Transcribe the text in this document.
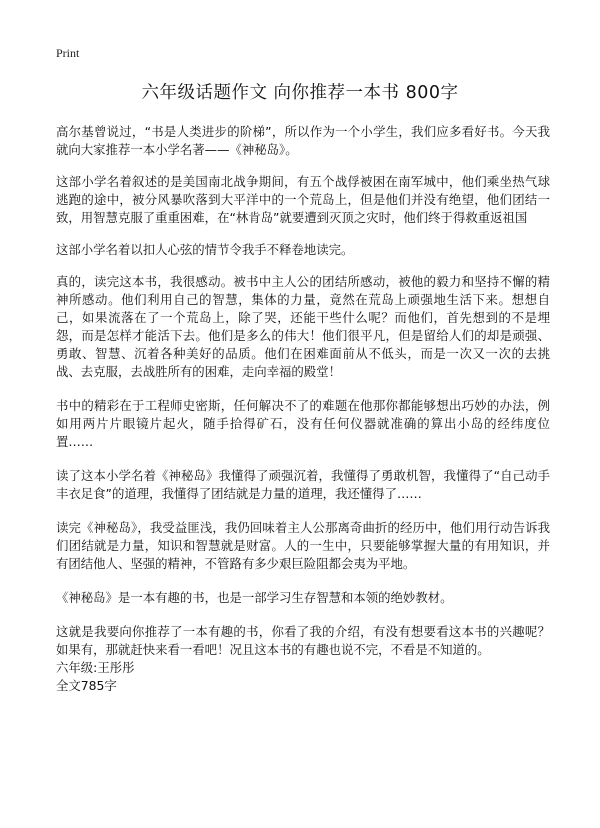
Print
六年级话题作文 向你推荐一本书 800字

高尔基曾说过，“书是人类进步的阶梯”，所以作为一个小学生，我们应多看好书。今天我就向大家推荐一本小学名著——《神秘岛》。

这部小学名着叙述的是美国南北战争期间，有五个战俘被困在南军城中，他们乘坐热气球逃跑的途中，被分风暴吹落到大平洋中的一个荒岛上，但是他们并没有绝望，他们团结一致，用智慧克服了重重困难，在“林肯岛”就要遭到灭顶之灾时，他们终于得救重返祖国

这部小学名着以扣人心弦的情节令我手不释卷地读完。

真的，读完这本书，我很感动。被书中主人公的团结所感动，被他的毅力和坚持不懈的精神所感动。他们利用自己的智慧，集体的力量，竟然在荒岛上顽强地生活下来。想想自己，如果流落在了一个荒岛上，除了哭，还能干些什么呢？而他们，首先想到的不是埋怨，而是怎样才能活下去。他们是多么的伟大！他们很平凡，但是留给人们的却是顽强、勇敢、智慧、沉着各种美好的品质。他们在困难面前从不低头，而是一次又一次的去挑战、去克服，去战胜所有的困难，走向幸福的殿堂！

书中的精彩在于工程师史密斯，任何解决不了的难题在他那你都能够想出巧妙的办法，例如用两片片眼镜片起火，随手拾得矿石，没有任何仪器就准确的算出小岛的经纬度位置……

读了这本小学名着《神秘岛》我懂得了顽强沉着，我懂得了勇敢机智，我懂得了“自己动手丰衣足食”的道理，我懂得了团结就是力量的道理，我还懂得了……

读完《神秘岛》，我受益匪浅，我仍回味着主人公那离奇曲折的经历中，他们用行动告诉我们团结就是力量，知识和智慧就是财富。人的一生中，只要能够掌握大量的有用知识，并有团结他人、坚强的精神，不管路有多少艰巨险阻都会夷为平地。

《神秘岛》是一本有趣的书，也是一部学习生存智慧和本领的绝妙教材。

这就是我要向你推荐了一本有趣的书，你看了我的介绍，有没有想要看这本书的兴趣呢？如果有，那就赶快来看一看吧！况且这本书的有趣也说不完，不看是不知道的。

六年级:王彤彤

全文785字
